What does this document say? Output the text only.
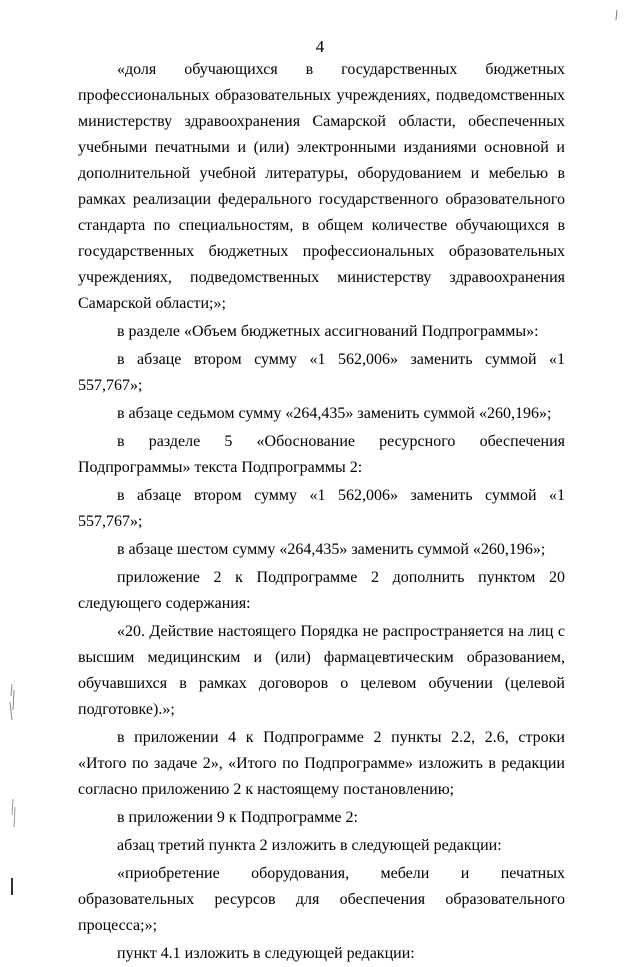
4

«доля обучающихся в государственных бюджетных профессиональных образовательных учреждениях, подведомственных министерству здравоохранения Самарской области, обеспеченных учебными печатными и (или) электронными изданиями основной и дополнительной учебной литературы, оборудованием и мебелью в рамках реализации федерального государственного образовательного стандарта по специальностям, в общем количестве обучающихся в государственных бюджетных профессиональных образовательных учреждениях, подведомственных министерству здравоохранения Самарской области;»;

в разделе «Объем бюджетных ассигнований Подпрограммы»:

в абзаце втором сумму «1 562,006» заменить суммой «1 557,767»;

в абзаце седьмом сумму «264,435» заменить суммой «260,196»;

в разделе 5 «Обоснование ресурсного обеспечения Подпрограммы» текста Подпрограммы 2:

в абзаце втором сумму «1 562,006» заменить суммой «1 557,767»;

в абзаце шестом сумму «264,435» заменить суммой «260,196»;

приложение 2 к Подпрограмме 2 дополнить пунктом 20 следующего содержания:

«20. Действие настоящего Порядка не распространяется на лиц с высшим медицинским и (или) фармацевтическим образованием, обучавшихся в рамках договоров о целевом обучении (целевой подготовке).»;

в приложении 4 к Подпрограмме 2 пункты 2.2, 2.6, строки «Итого по задаче 2», «Итого по Подпрограмме» изложить в редакции согласно приложению 2 к настоящему постановлению;

в приложении 9 к Подпрограмме 2:

абзац третий пункта 2 изложить в следующей редакции:

«приобретение оборудования, мебели и печатных образовательных ресурсов для обеспечения образовательного процесса;»;

пункт 4.1 изложить в следующей редакции:
